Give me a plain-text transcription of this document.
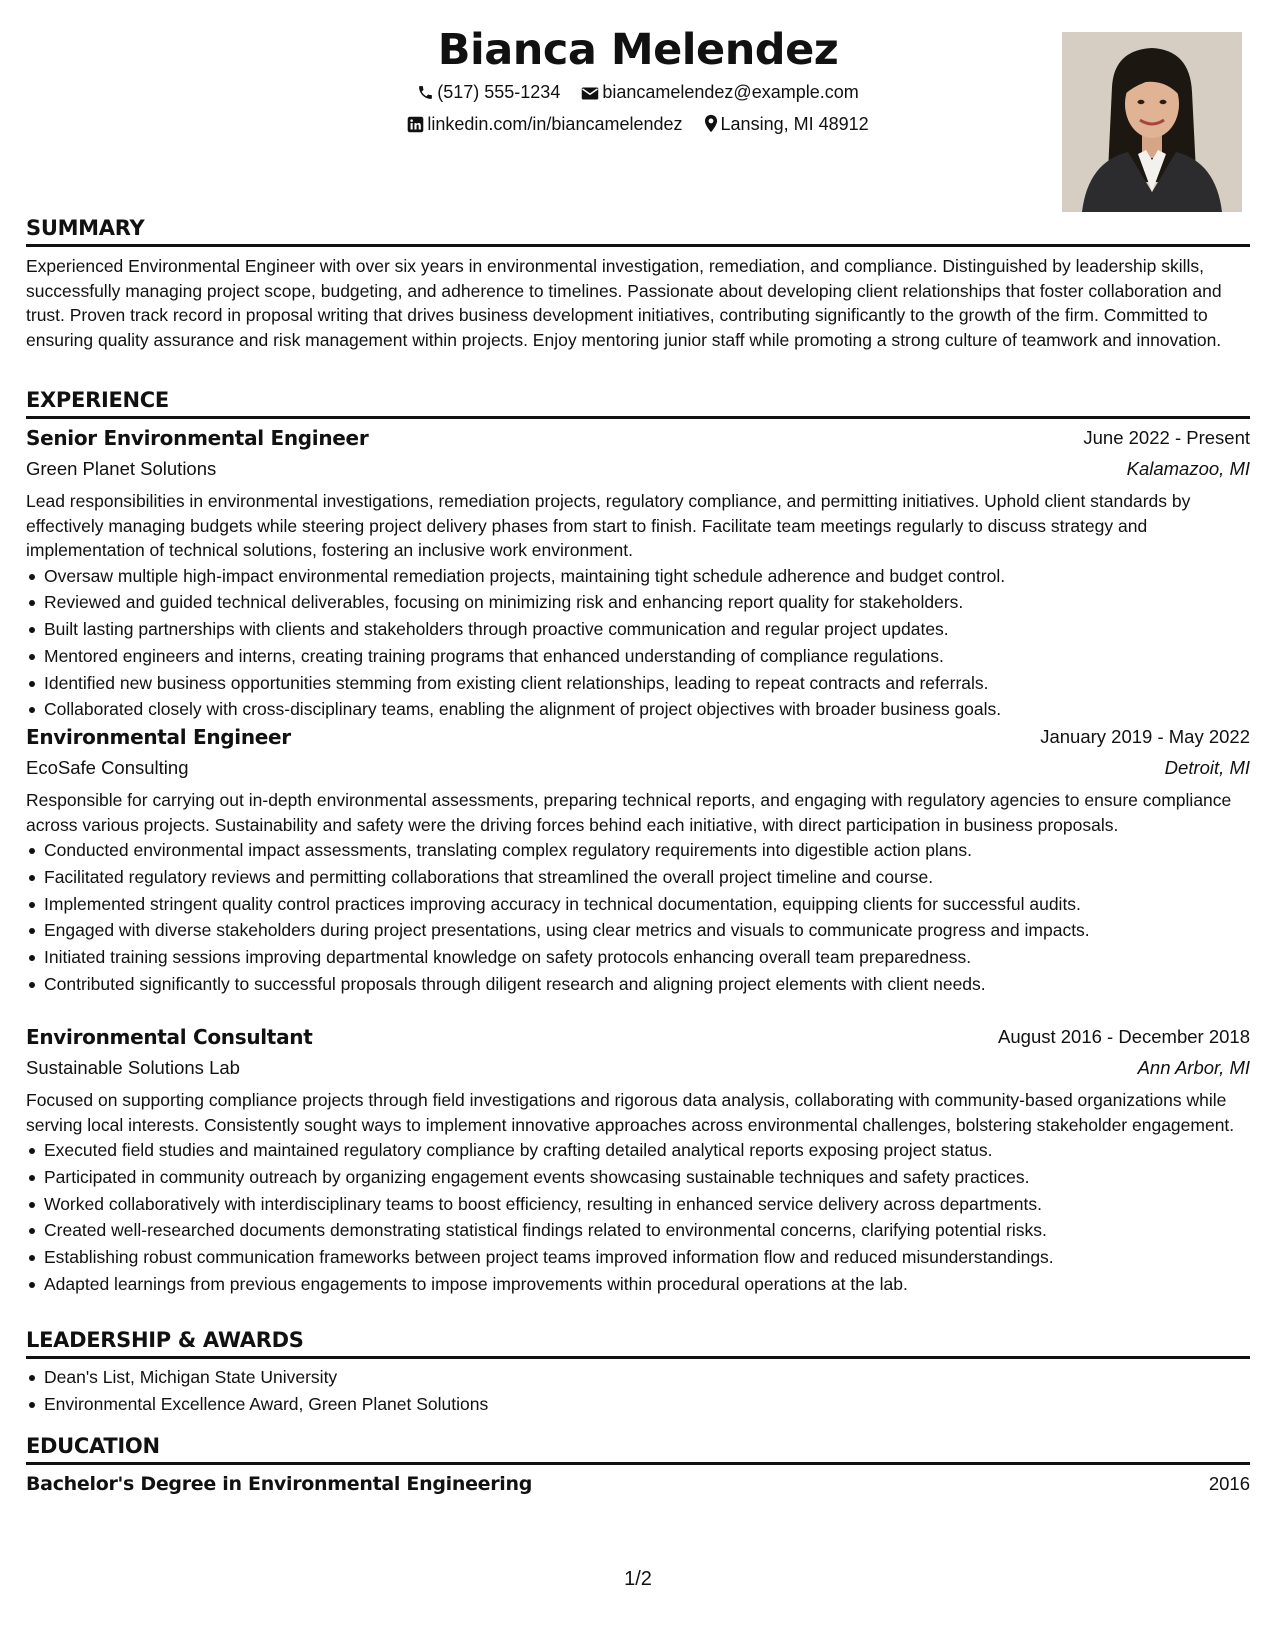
Bianca Melendez
(517) 555-1234 biancamelendez@example.com
linkedin.com/in/biancamelendez Lansing, MI 48912
SUMMARY
Experienced Environmental Engineer with over six years in environmental investigation, remediation, and compliance. Distinguished by leadership skills, successfully managing project scope, budgeting, and adherence to timelines. Passionate about developing client relationships that foster collaboration and trust. Proven track record in proposal writing that drives business development initiatives, contributing significantly to the growth of the firm. Committed to ensuring quality assurance and risk management within projects. Enjoy mentoring junior staff while promoting a strong culture of teamwork and innovation.
EXPERIENCE
Senior Environmental Engineer	June 2022 - Present
Green Planet Solutions	Kalamazoo, MI
Lead responsibilities in environmental investigations, remediation projects, regulatory compliance, and permitting initiatives. Uphold client standards by effectively managing budgets while steering project delivery phases from start to finish. Facilitate team meetings regularly to discuss strategy and implementation of technical solutions, fostering an inclusive work environment.
Oversaw multiple high-impact environmental remediation projects, maintaining tight schedule adherence and budget control.
Reviewed and guided technical deliverables, focusing on minimizing risk and enhancing report quality for stakeholders.
Built lasting partnerships with clients and stakeholders through proactive communication and regular project updates.
Mentored engineers and interns, creating training programs that enhanced understanding of compliance regulations.
Identified new business opportunities stemming from existing client relationships, leading to repeat contracts and referrals.
Collaborated closely with cross-disciplinary teams, enabling the alignment of project objectives with broader business goals.
Environmental Engineer	January 2019 - May 2022
EcoSafe Consulting	Detroit, MI
Responsible for carrying out in-depth environmental assessments, preparing technical reports, and engaging with regulatory agencies to ensure compliance across various projects. Sustainability and safety were the driving forces behind each initiative, with direct participation in business proposals.
Conducted environmental impact assessments, translating complex regulatory requirements into digestible action plans.
Facilitated regulatory reviews and permitting collaborations that streamlined the overall project timeline and course.
Implemented stringent quality control practices improving accuracy in technical documentation, equipping clients for successful audits.
Engaged with diverse stakeholders during project presentations, using clear metrics and visuals to communicate progress and impacts.
Initiated training sessions improving departmental knowledge on safety protocols enhancing overall team preparedness.
Contributed significantly to successful proposals through diligent research and aligning project elements with client needs.
Environmental Consultant	August 2016 - December 2018
Sustainable Solutions Lab	Ann Arbor, MI
Focused on supporting compliance projects through field investigations and rigorous data analysis, collaborating with community-based organizations while serving local interests. Consistently sought ways to implement innovative approaches across environmental challenges, bolstering stakeholder engagement.
Executed field studies and maintained regulatory compliance by crafting detailed analytical reports exposing project status.
Participated in community outreach by organizing engagement events showcasing sustainable techniques and safety practices.
Worked collaboratively with interdisciplinary teams to boost efficiency, resulting in enhanced service delivery across departments.
Created well-researched documents demonstrating statistical findings related to environmental concerns, clarifying potential risks.
Establishing robust communication frameworks between project teams improved information flow and reduced misunderstandings.
Adapted learnings from previous engagements to impose improvements within procedural operations at the lab.
LEADERSHIP & AWARDS
Dean's List, Michigan State University
Environmental Excellence Award, Green Planet Solutions
EDUCATION
Bachelor's Degree in Environmental Engineering	2016
1/2
